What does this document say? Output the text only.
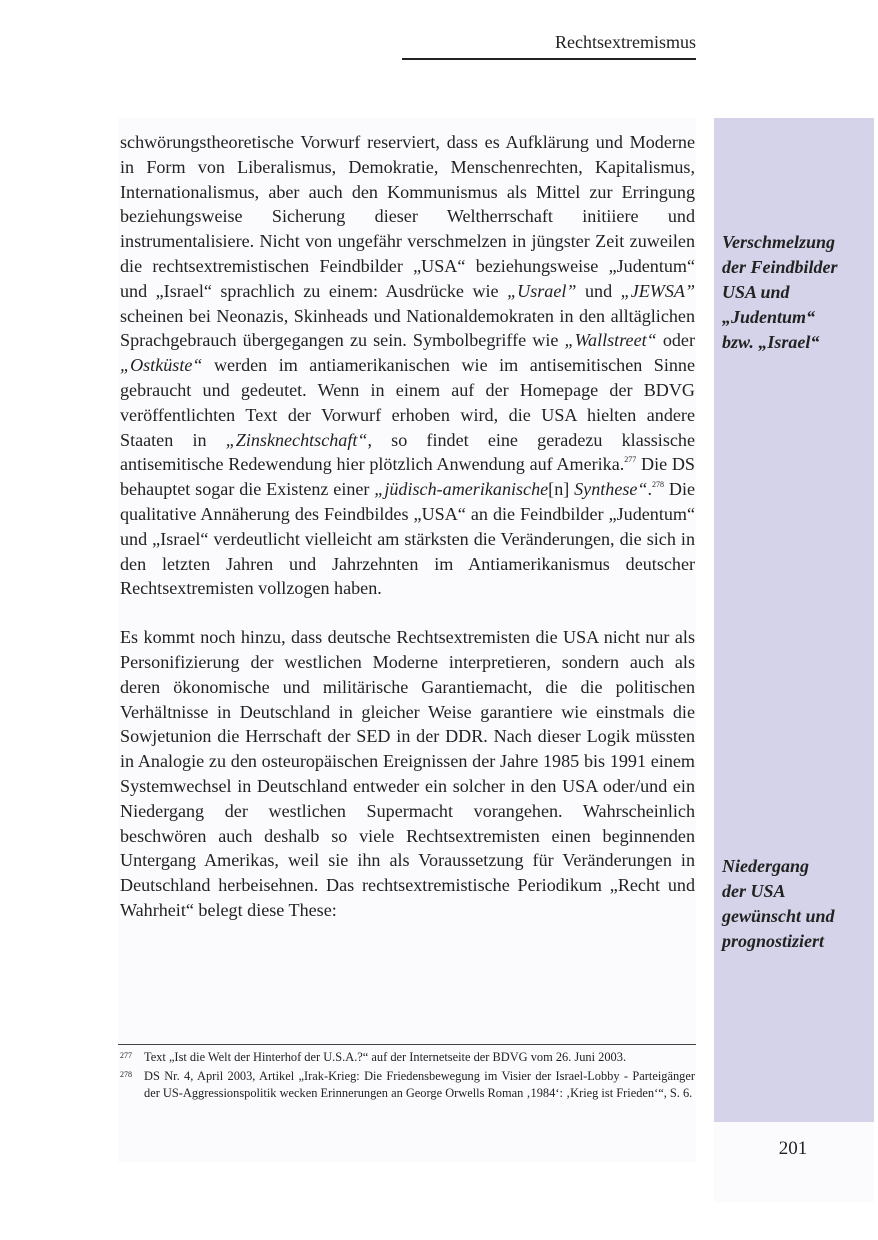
Rechtsextremismus

schwörungstheoretische Vorwurf reserviert, dass es Aufklärung und Moderne in Form von Liberalismus, Demokratie, Menschenrechten, Kapitalismus, Internationalismus, aber auch den Kommunismus als Mittel zur Erringung beziehungsweise Sicherung dieser Weltherrschaft initiiere und instrumentalisiere. Nicht von ungefähr verschmelzen in jüngster Zeit zuweilen die rechtsextremistischen Feindbilder „USA“ beziehungsweise „Judentum“ und „Israel“ sprachlich zu einem: Ausdrücke wie „Usrael” und „JEWSA” scheinen bei Neonazis, Skinheads und Nationaldemokraten in den alltäglichen Sprachgebrauch übergegangen zu sein. Symbolbegriffe wie „Wallstreet“ oder „Ostküste“ werden im antiamerikanischen wie im antisemitischen Sinne gebraucht und gedeutet. Wenn in einem auf der Homepage der BDVG veröffentlichten Text der Vorwurf erhoben wird, die USA hielten andere Staaten in „Zinsknechtschaft“, so findet eine geradezu klassische antisemitische Redewendung hier plötzlich Anwendung auf Amerika.$^{277}$ Die DS behauptet sogar die Existenz einer „jüdisch-amerikanische[n] Synthese“.$^{278}$ Die qualitative Annäherung des Feindbildes „USA“ an die Feindbilder „Judentum“ und „Israel“ verdeutlicht vielleicht am stärksten die Veränderungen, die sich in den letzten Jahren und Jahrzehnten im Antiamerikanismus deutscher Rechtsextremisten vollzogen haben.

Es kommt noch hinzu, dass deutsche Rechtsextremisten die USA nicht nur als Personifizierung der westlichen Moderne interpretieren, sondern auch als deren ökonomische und militärische Garantiemacht, die die politischen Verhältnisse in Deutschland in gleicher Weise garantiere wie einstmals die Sowjetunion die Herrschaft der SED in der DDR. Nach dieser Logik müssten in Analogie zu den osteuropäischen Ereignissen der Jahre 1985 bis 1991 einem Systemwechsel in Deutschland entweder ein solcher in den USA oder/und ein Niedergang der westlichen Supermacht vorangehen. Wahrscheinlich beschwören auch deshalb so viele Rechtsextremisten einen beginnenden Untergang Amerikas, weil sie ihn als Voraussetzung für Veränderungen in Deutschland herbeisehnen. Das rechtsextremistische Periodikum „Recht und Wahrheit“ belegt diese These:

Verschmelzung
der Feindbilder
USA und
„Judentum“
bzw. „Israel“
Niedergang
der USA
gewünscht und
prognostiziert
277 Text „Ist die Welt der Hinterhof der U.S.A.?“ auf der Internetseite der BDVG vom 26. Juni 2003.
278 DS Nr. 4, April 2003, Artikel „Irak-Krieg: Die Friedensbewegung im Visier der Israel-Lobby - Parteigänger der US-Aggressionspolitik wecken Erinnerungen an George Orwells Roman ‚1984‘: ‚Krieg ist Frieden‘“, S. 6.
201
